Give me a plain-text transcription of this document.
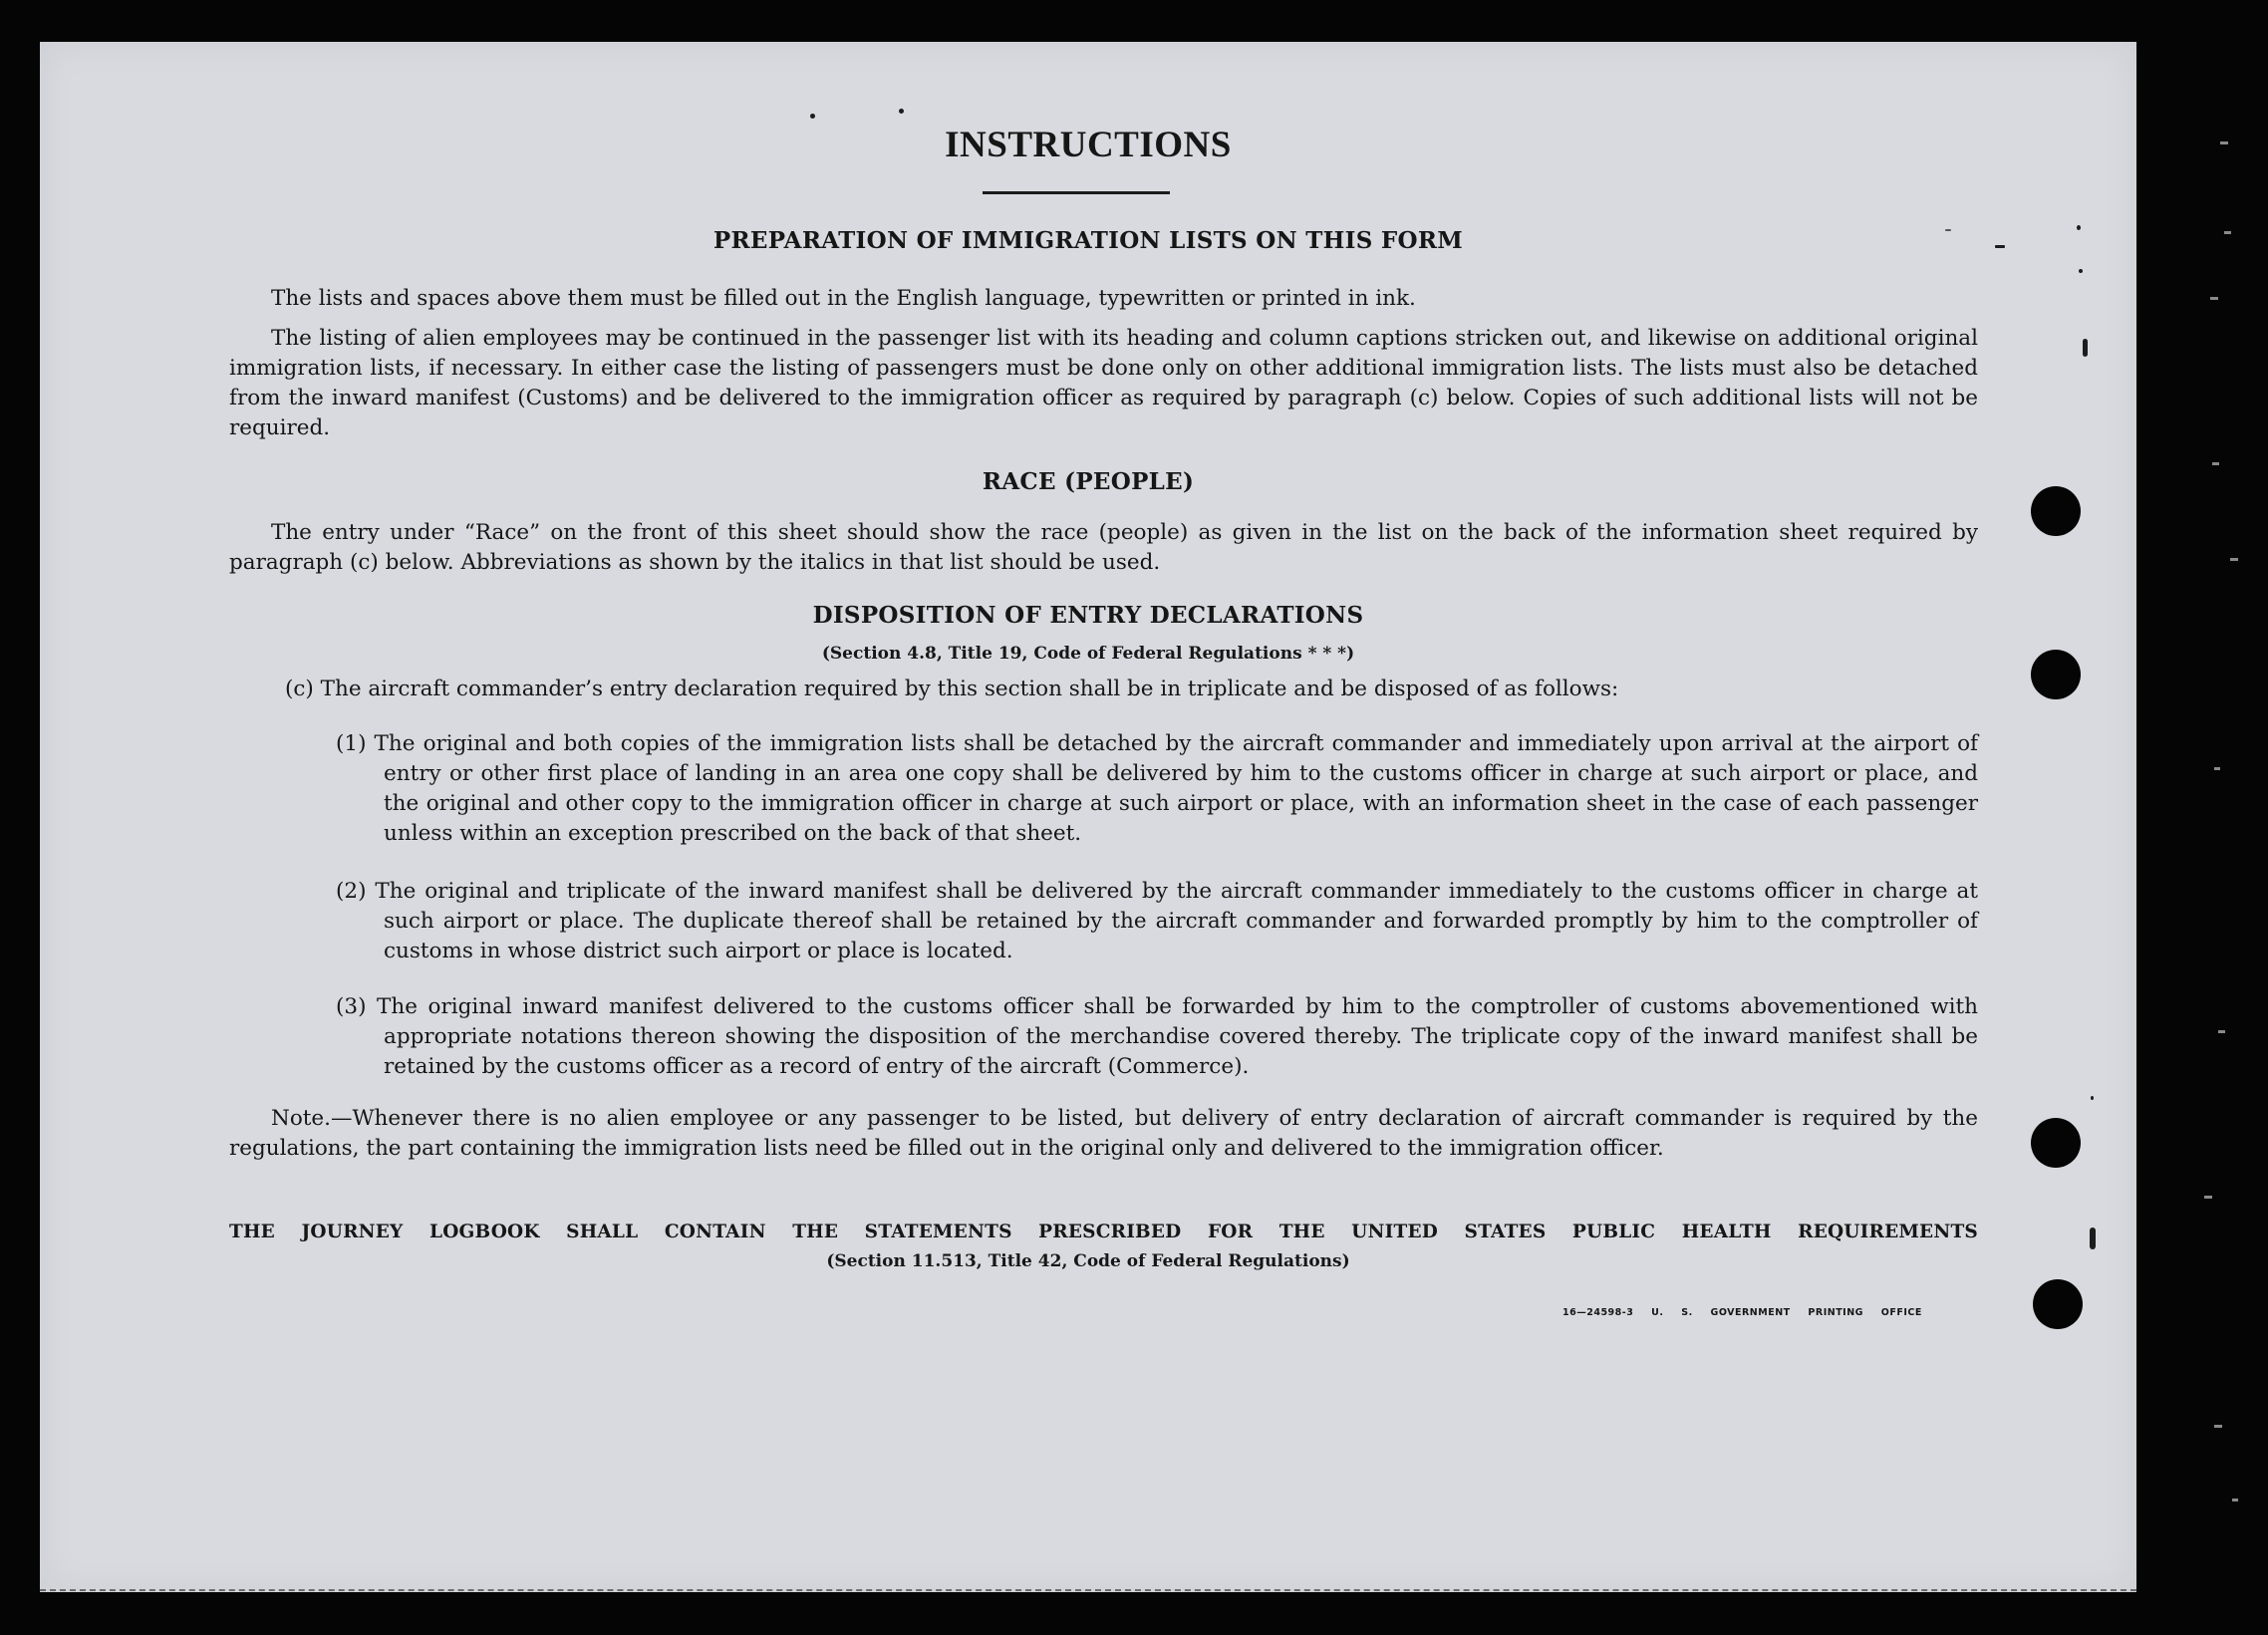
INSTRUCTIONS
PREPARATION OF IMMIGRATION LISTS ON THIS FORM
The lists and spaces above them must be filled out in the English language, typewritten or printed in ink.
The listing of alien employees may be continued in the passenger list with its heading and column captions stricken out, and likewise on additional original immigration lists, if necessary. In either case the listing of passengers must be done only on other additional immigration lists. The lists must also be detached from the inward manifest (Customs) and be delivered to the immigration officer as required by paragraph (c) below. Copies of such additional lists will not be required.
RACE (PEOPLE)
The entry under “Race” on the front of this sheet should show the race (people) as given in the list on the back of the information sheet required by paragraph (c) below. Abbreviations as shown by the italics in that list should be used.
DISPOSITION OF ENTRY DECLARATIONS
(Section 4.8, Title 19, Code of Federal Regulations * * *)
(c) The aircraft commander’s entry declaration required by this section shall be in triplicate and be disposed of as follows:
(1) The original and both copies of the immigration lists shall be detached by the aircraft commander and immediately upon arrival at the airport of entry or other first place of landing in an area one copy shall be delivered by him to the customs officer in charge at such airport or place, and the original and other copy to the immigration officer in charge at such airport or place, with an information sheet in the case of each passenger unless within an exception prescribed on the back of that sheet.
(2) The original and triplicate of the inward manifest shall be delivered by the aircraft commander immediately to the customs officer in charge at such airport or place. The duplicate thereof shall be retained by the aircraft commander and forwarded promptly by him to the comptroller of customs in whose district such airport or place is located.
(3) The original inward manifest delivered to the customs officer shall be forwarded by him to the comptroller of customs abovementioned with appropriate notations thereon showing the disposition of the merchandise covered thereby. The triplicate copy of the inward manifest shall be retained by the customs officer as a record of entry of the aircraft (Commerce).
Note.—Whenever there is no alien employee or any passenger to be listed, but delivery of entry declaration of aircraft commander is required by the regulations, the part containing the immigration lists need be filled out in the original only and delivered to the immigration officer.
THE JOURNEY LOGBOOK SHALL CONTAIN THE STATEMENTS PRESCRIBED FOR THE UNITED STATES PUBLIC HEALTH REQUIREMENTS
(Section 11.513, Title 42, Code of Federal Regulations)
16—24598-3 U. S. GOVERNMENT PRINTING OFFICE
